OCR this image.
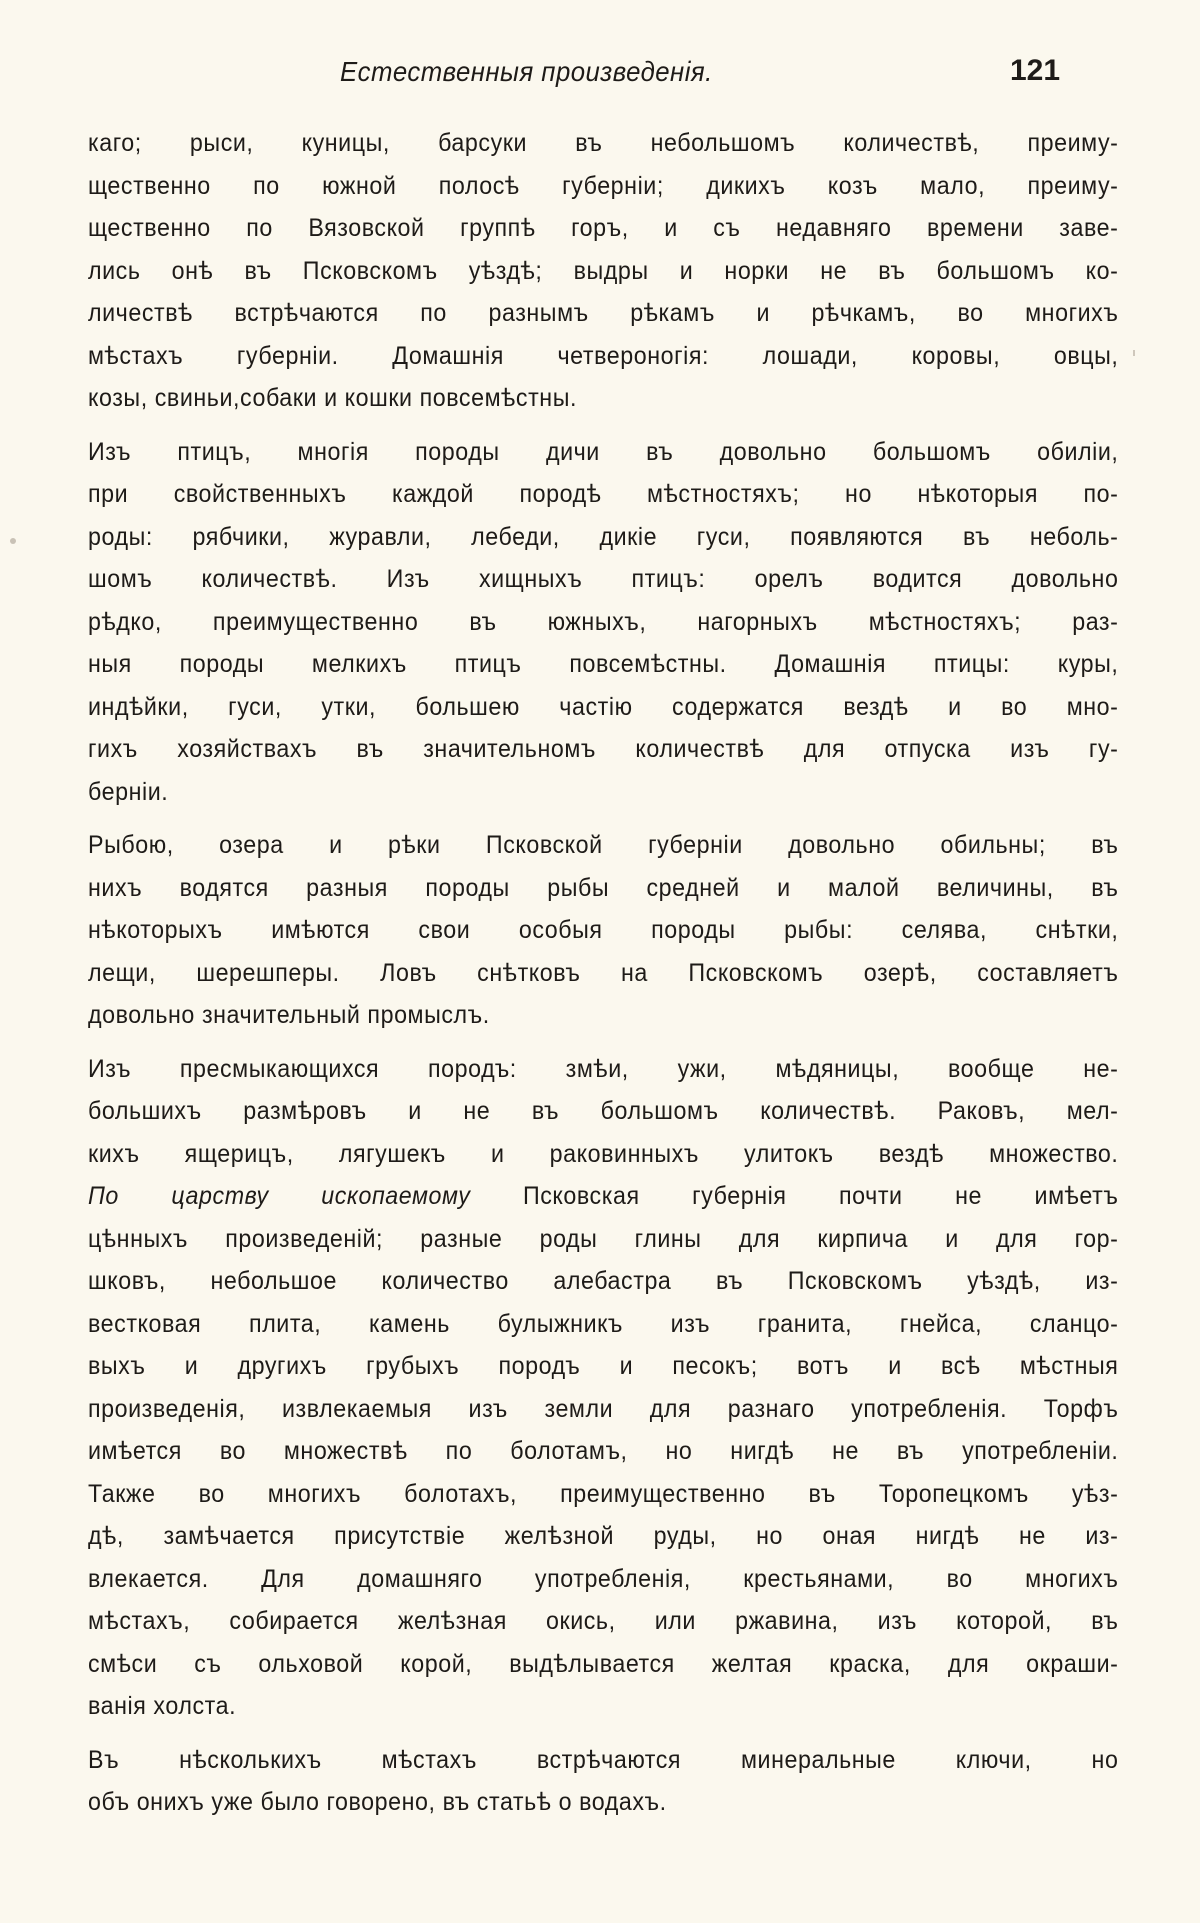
Естественныя произведенія.	121
каго; рыси, куницы, барсуки въ небольшомъ количествѣ, преиму-
щественно по южной полосѣ губерніи; дикихъ козъ мало, преиму-
щественно по Вязовской группѣ горъ, и съ недавняго времени заве-
лись онѣ въ Псковскомъ уѣздѣ; выдры и норки не въ большомъ ко-
личествѣ встрѣчаются по разнымъ рѣкамъ и рѣчкамъ, во многихъ
мѣстахъ губерніи. Домашнія четвероногія: лошади, коровы, овцы,
козы, свиньи,собаки и кошки повсемѣстны.
Изъ птицъ, многія породы дичи въ довольно большомъ обиліи,
при свойственныхъ каждой породѣ мѣстностяхъ; но нѣкоторыя по-
роды: рябчики, журавли, лебеди, дикіе гуси, появляются въ неболь-
шомъ количествѣ. Изъ хищныхъ птицъ: орелъ водится довольно
рѣдко, преимущественно въ южныхъ, нагорныхъ мѣстностяхъ; раз-
ныя породы мелкихъ птицъ повсемѣстны. Домашнія птицы: куры,
индѣйки, гуси, утки, большею частію содержатся вездѣ и во мно-
гихъ хозяйствахъ въ значительномъ количествѣ для отпуска изъ гу-
берніи.
Рыбою, озера и рѣки Псковской губерніи довольно обильны; въ
нихъ водятся разныя породы рыбы средней и малой величины, въ
нѣкоторыхъ имѣются свои особыя породы рыбы: селява, снѣтки,
лещи, шерешперы. Ловъ снѣтковъ на Псковскомъ озерѣ, составляетъ
довольно значительный промыслъ.
Изъ пресмыкающихся породъ: змѣи, ужи, мѣдяницы, вообще не-
большихъ размѣровъ и не въ большомъ количествѣ. Раковъ, мел-
кихъ ящерицъ, лягушекъ и раковинныхъ улитокъ вездѣ множество.
По царству ископаемому Псковская губернія почти не имѣетъ
цѣнныхъ произведеній; разные роды глины для кирпича и для гор-
шковъ, небольшое количество алебастра въ Псковскомъ уѣздѣ, из-
вестковая плита, камень булыжникъ изъ гранита, гнейса, сланцо-
выхъ и другихъ грубыхъ породъ и песокъ; вотъ и всѣ мѣстныя
произведенія, извлекаемыя изъ земли для разнаго употребленія. Торфъ
имѣется во множествѣ по болотамъ, но нигдѣ не въ употребленіи.
Также во многихъ болотахъ, преимущественно въ Торопецкомъ уѣз-
дѣ, замѣчается присутствіе желѣзной руды, но оная нигдѣ не из-
влекается. Для домашняго употребленія, крестьянами, во многихъ
мѣстахъ, собирается желѣзная окись, или ржавина, изъ которой, въ
смѣси съ ольховой корой, выдѣлывается желтая краска, для окраши-
ванія холста.
Въ нѣсколькихъ мѣстахъ встрѣчаются минеральные ключи, но
объ онихъ уже было говорено, въ статьѣ о водахъ.
